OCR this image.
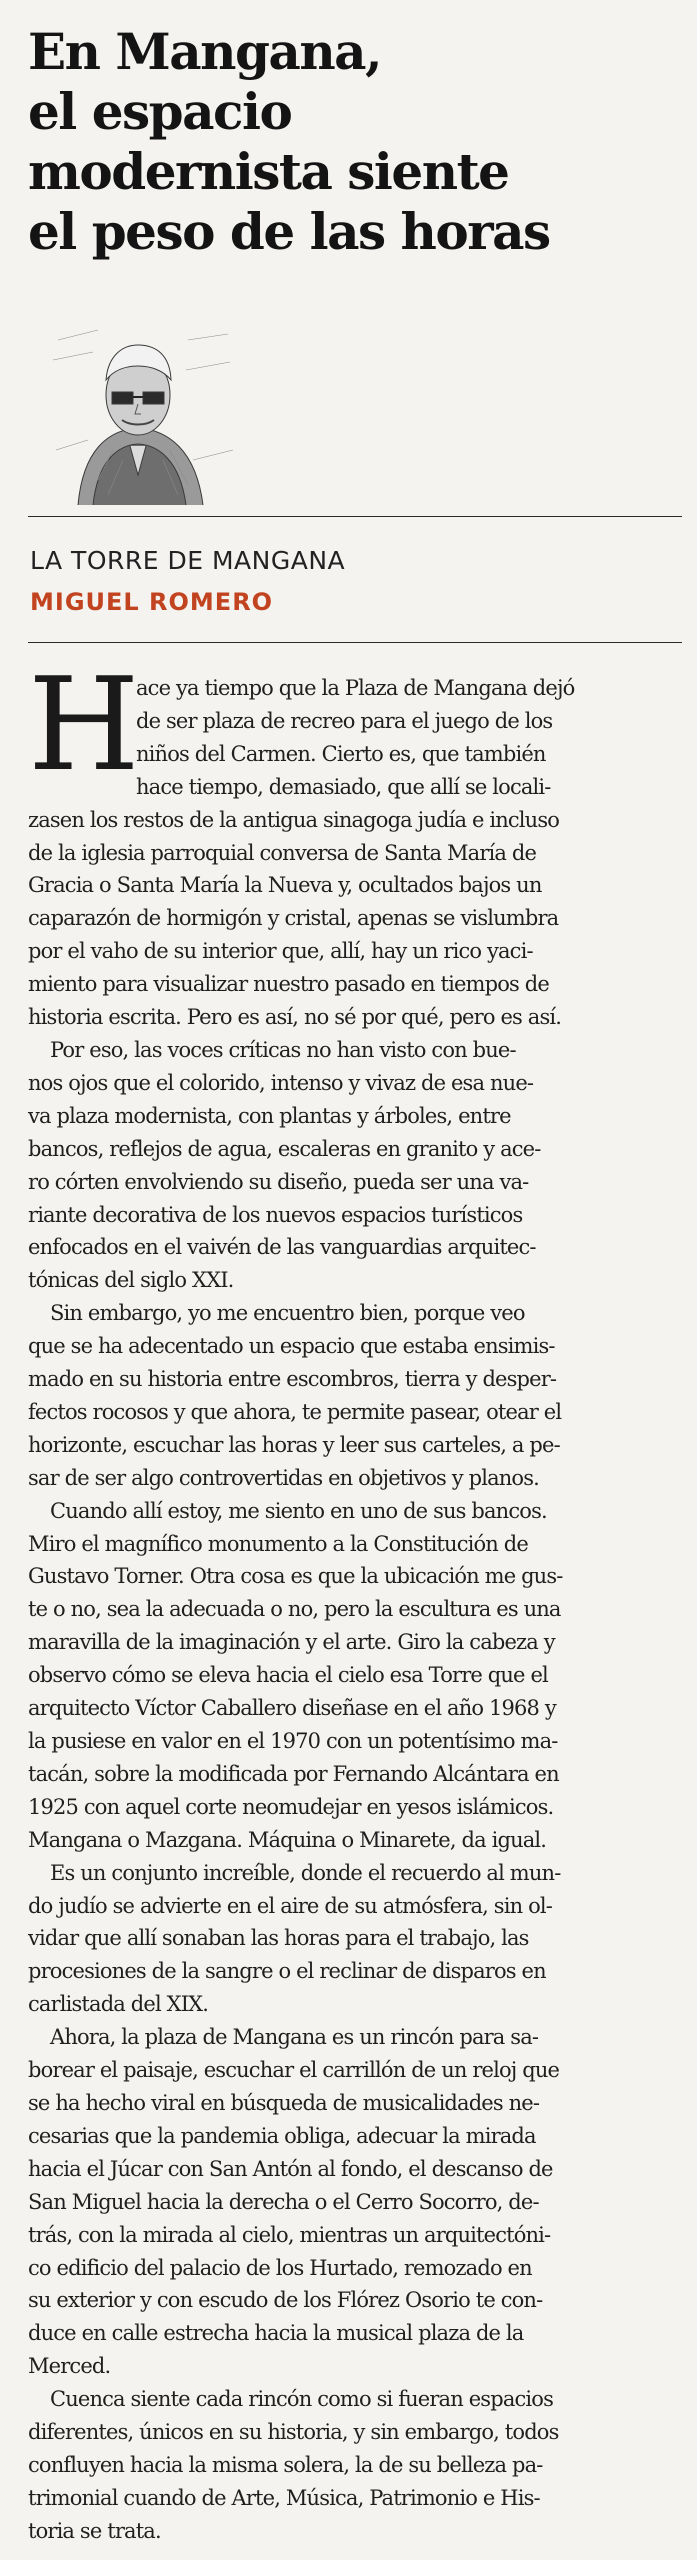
En Mangana,
el espacio
modernista siente
el peso de las horas
LA TORRE DE MANGANA
MIGUEL ROMERO
H

ace ya tiempo que la Plaza de Mangana dejó
de ser plaza de recreo para el juego de los
niños del Carmen. Cierto es, que también
hace tiempo, demasiado, que allí se locali-
zasen los restos de la antigua sinagoga judía e incluso
de la iglesia parroquial conversa de Santa María de
Gracia o Santa María la Nueva y, ocultados bajos un
caparazón de hormigón y cristal, apenas se vislumbra
por el vaho de su interior que, allí, hay un rico yaci-
miento para visualizar nuestro pasado en tiempos de
historia escrita. Pero es así, no sé por qué, pero es así.

Por eso, las voces críticas no han visto con bue-
nos ojos que el colorido, intenso y vivaz de esa nue-
va plaza modernista, con plantas y árboles, entre
bancos, reflejos de agua, escaleras en granito y ace-
ro córten envolviendo su diseño, pueda ser una va-
riante decorativa de los nuevos espacios turísticos
enfocados en el vaivén de las vanguardias arquitec-
tónicas del siglo XXI.

Sin embargo, yo me encuentro bien, porque veo
que se ha adecentado un espacio que estaba ensimis-
mado en su historia entre escombros, tierra y desper-
fectos rocosos y que ahora, te permite pasear, otear el
horizonte, escuchar las horas y leer sus carteles, a pe-
sar de ser algo controvertidas en objetivos y planos.

Cuando allí estoy, me siento en uno de sus bancos.
Miro el magnífico monumento a la Constitución de
Gustavo Torner. Otra cosa es que la ubicación me gus-
te o no, sea la adecuada o no, pero la escultura es una
maravilla de la imaginación y el arte. Giro la cabeza y
observo cómo se eleva hacia el cielo esa Torre que el
arquitecto Víctor Caballero diseñase en el año 1968 y
la pusiese en valor en el 1970 con un potentísimo ma-
tacán, sobre la modificada por Fernando Alcántara en
1925 con aquel corte neomudejar en yesos islámicos.
Mangana o Mazgana. Máquina o Minarete, da igual.

Es un conjunto increíble, donde el recuerdo al mun-
do judío se advierte en el aire de su atmósfera, sin ol-
vidar que allí sonaban las horas para el trabajo, las
procesiones de la sangre o el reclinar de disparos en
carlistada del XIX.

Ahora, la plaza de Mangana es un rincón para sa-
borear el paisaje, escuchar el carrillón de un reloj que
se ha hecho viral en búsqueda de musicalidades ne-
cesarias que la pandemia obliga, adecuar la mirada
hacia el Júcar con San Antón al fondo, el descanso de
San Miguel hacia la derecha o el Cerro Socorro, de-
trás, con la mirada al cielo, mientras un arquitectóni-
co edificio del palacio de los Hurtado, remozado en
su exterior y con escudo de los Flórez Osorio te con-
duce en calle estrecha hacia la musical plaza de la
Merced.

Cuenca siente cada rincón como si fueran espacios
diferentes, únicos en su historia, y sin embargo, todos
confluyen hacia la misma solera, la de su belleza pa-
trimonial cuando de Arte, Música, Patrimonio e His-
toria se trata.
